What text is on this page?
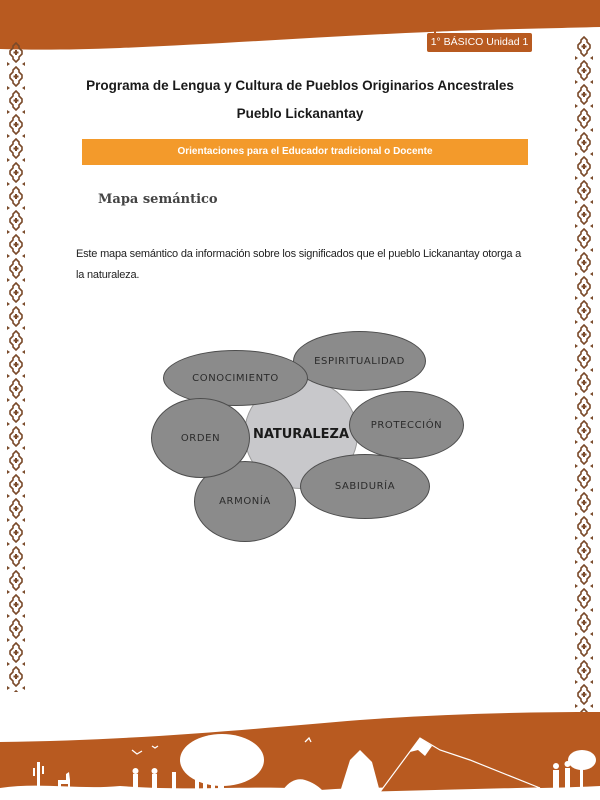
1° BÁSICO Unidad 1
Programa de Lengua y Cultura de Pueblos Originarios Ancestrales
Pueblo Lickanantay
Orientaciones para el Educador tradicional o Docente
Mapa semántico
Este mapa semántico da información sobre los significados que el pueblo Lickanantay otorga a la naturaleza.
NATURALEZA
ESPIRITUALIDAD
CONOCIMIENTO
PROTECCIÓN
ARMONÍA
ORDEN
SABIDURÍA
